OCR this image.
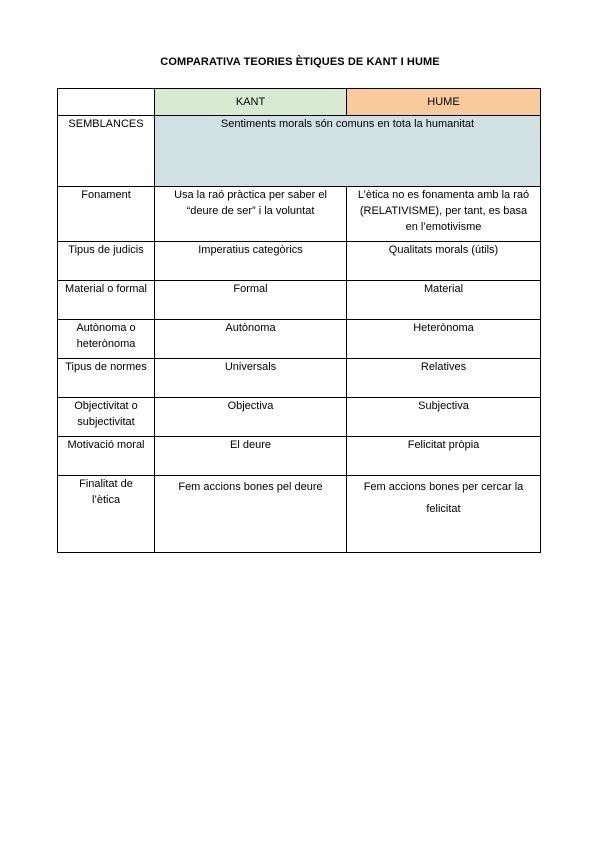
COMPARATIVA TEORIES ÈTIQUES DE KANT I HUME
	KANT	HUME
SEMBLANCES	Sentiments morals són comuns en tota la humanitat	
Fonament	Usa la raó pràctica per saber el “deure de ser” i la voluntat	L’ètica no es fonamenta amb la raó (RELATIVISME), per tant, es basa en l’emotivisme
Tipus de judicis	Imperatius categòrics	Qualitats morals (útils)
Material o formal	Formal	Material
Autònoma o heterònoma	Autònoma	Heterònoma
Tipus de normes	Universals	Relatives
Objectivitat o subjectivitat	Objectiva	Subjectiva
Motivació moral	El deure	Felicitat pròpia
Finalitat de l’ètica	Fem accions bones pel deure	Fem accions bones per cercar la felicitat
